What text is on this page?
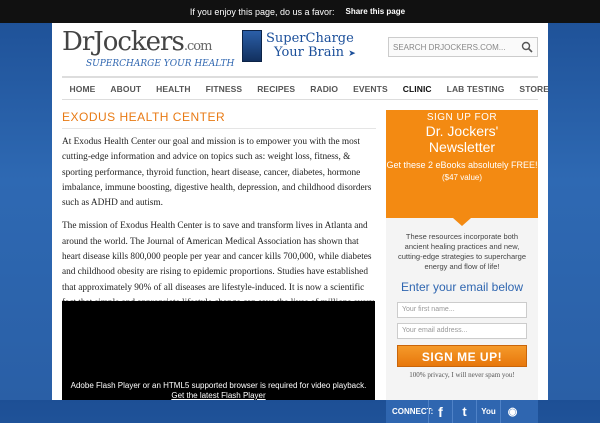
If you enjoy this page, do us a favor:	Share this page
DrJockers.com
SUPERCHARGE YOUR HEALTH
SuperCharge
Your Brain ➤
SEARCH DRJOCKERS.COM...
HOME	ABOUT	HEALTH	FITNESS	RECIPES	RADIO	EVENTS	CLINIC	LAB TESTING	STORE
EXODUS HEALTH CENTER

At Exodus Health Center our goal and mission is to empower you with the most cutting-edge information and advice on topics such as: weight loss, fitness, & sporting performance, thyroid function, heart disease, cancer, diabetes, hormone imbalance, immune boosting, digestive health, depression, and childhood disorders such as ADHD and autism.

The mission of Exodus Health Center is to save and transform lives in Atlanta and around the world. The Journal of American Medical Association has shown that heart disease kills 800,000 people per year and cancer kills 700,000, while diabetes and childhood obesity are rising to epidemic proportions. Studies have established that approximately 90% of all diseases are lifestyle-induced. It is now a scientific

Adobe Flash Player or an HTML5 supported browser is required for video playback.
Get the latest Flash Player
SIGN UP FOR
Dr. Jockers'
Newsletter
Get these 2 eBooks absolutely FREE!
($47 value)
These resources incorporate both ancient healing practices and new, cutting-edge strategies to supercharge energy and flow of life!
Enter your email below
Your first name...
Your email address...
SIGN ME UP!
100% privacy, I will never spam you!
CONNECT: f	t	You	◉
